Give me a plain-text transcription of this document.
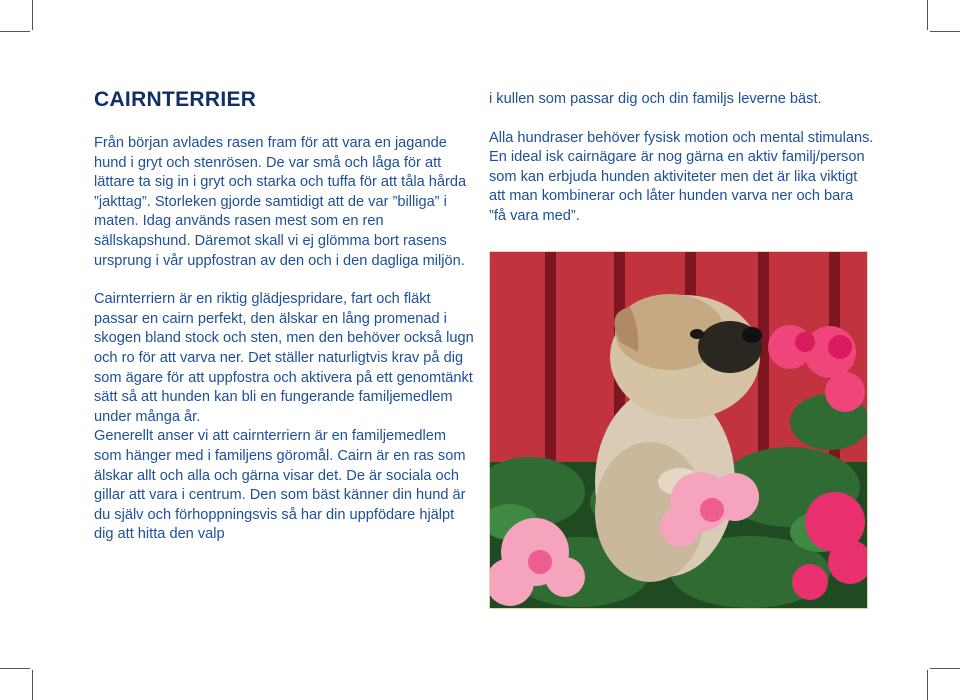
CAIRNTERRIER

Från början avlades rasen fram för att vara en jagande hund i gryt och stenrösen. De var små och låga för att lättare ta sig in i gryt och starka och tuffa för att tåla hårda ”jakttag”. Storleken gjorde samtidigt att de var ”billiga” i maten. Idag används rasen mest som en ren sällskapshund. Däremot skall vi ej glömma bort rasens ursprung i vår uppfostran av den och i den dagliga miljön.

Cairnterriern är en riktig glädjespridare, fart och fläkt passar en cairn perfekt, den älskar en lång promenad i skogen bland stock och sten, men den behöver också lugn och ro för att varva ner. Det ställer naturligtvis krav på dig som ägare för att uppfostra och aktivera på ett genomtänkt sätt så att hunden kan bli en fungerande familjemedlem under många år.

Generellt anser vi att cairnterriern är en familjemedlem som hänger med i familjens göromål. Cairn är en ras som älskar allt och alla och gärna visar det. De är sociala och gillar att vara i centrum. Den som bäst känner din hund är du själv och förhoppningsvis så har din uppfödare hjälpt dig att hitta den valp

i kullen som passar dig och din familjs leverne bäst.

Alla hundraser behöver fysisk motion och mental stimulans. En ideal isk cairnägare är nog gärna en aktiv familj/person som kan erbjuda hunden aktiviteter men det är lika viktigt att man kombinerar och låter hunden varva ner och bara ”få vara med”.
